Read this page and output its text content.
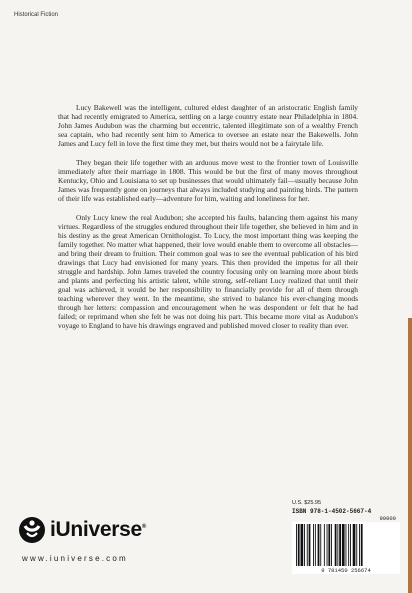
Historical Fiction

Lucy Bakewell was the intelligent, cultured eldest daughter of an aristocratic English family that had recently emigrated to America, settling on a large country estate near Philadelphia in 1804. John James Audubon was the charming but eccentric, talented illegitimate son of a wealthy French sea captain, who had recently sent him to America to oversee an estate near the Bakewells. John James and Lucy fell in love the first time they met, but theirs would not be a fairytale life.

They began their life together with an arduous move west to the frontier town of Louisville immediately after their marriage in 1808. This would be but the first of many moves throughout Kentucky, Ohio and Louisiana to set up businesses that would ultimately fail—usually because John James was frequently gone on journeys that always included studying and painting birds. The pattern of their life was established early—adventure for him, waiting and loneliness for her.

Only Lucy knew the real Audubon; she accepted his faults, balancing them against his many virtues. Regardless of the struggles endured throughout their life together, she believed in him and in his destiny as the great American Ornithologist. To Lucy, the most important thing was keeping the family together. No matter what happened, their love would enable them to overcome all obstacles—and bring their dream to fruition. Their common goal was to see the eventual publication of his bird drawings that Lucy had envisioned for many years. This then provided the impetus for all their struggle and hardship. John James traveled the country focusing only on learning more about birds and plants and perfecting his artistic talent, while strong, self-reliant Lucy realized that until their goal was achieved, it would be her responsibility to financially provide for all of them through teaching wherever they went. In the meantime, she strived to balance his ever-changing moods through her letters: compassion and encouragement when he was despondent or felt that he had failed; or reprimand when she felt he was not doing his part. This became more vital as Audubon's voyage to England to have his drawings engraved and published moved closer to reality than ever.

iUniverse®
www.iuniverse.com
U.S. $25.95
ISBN 978-1-4502-5667-4
90000
9 781450 256674
